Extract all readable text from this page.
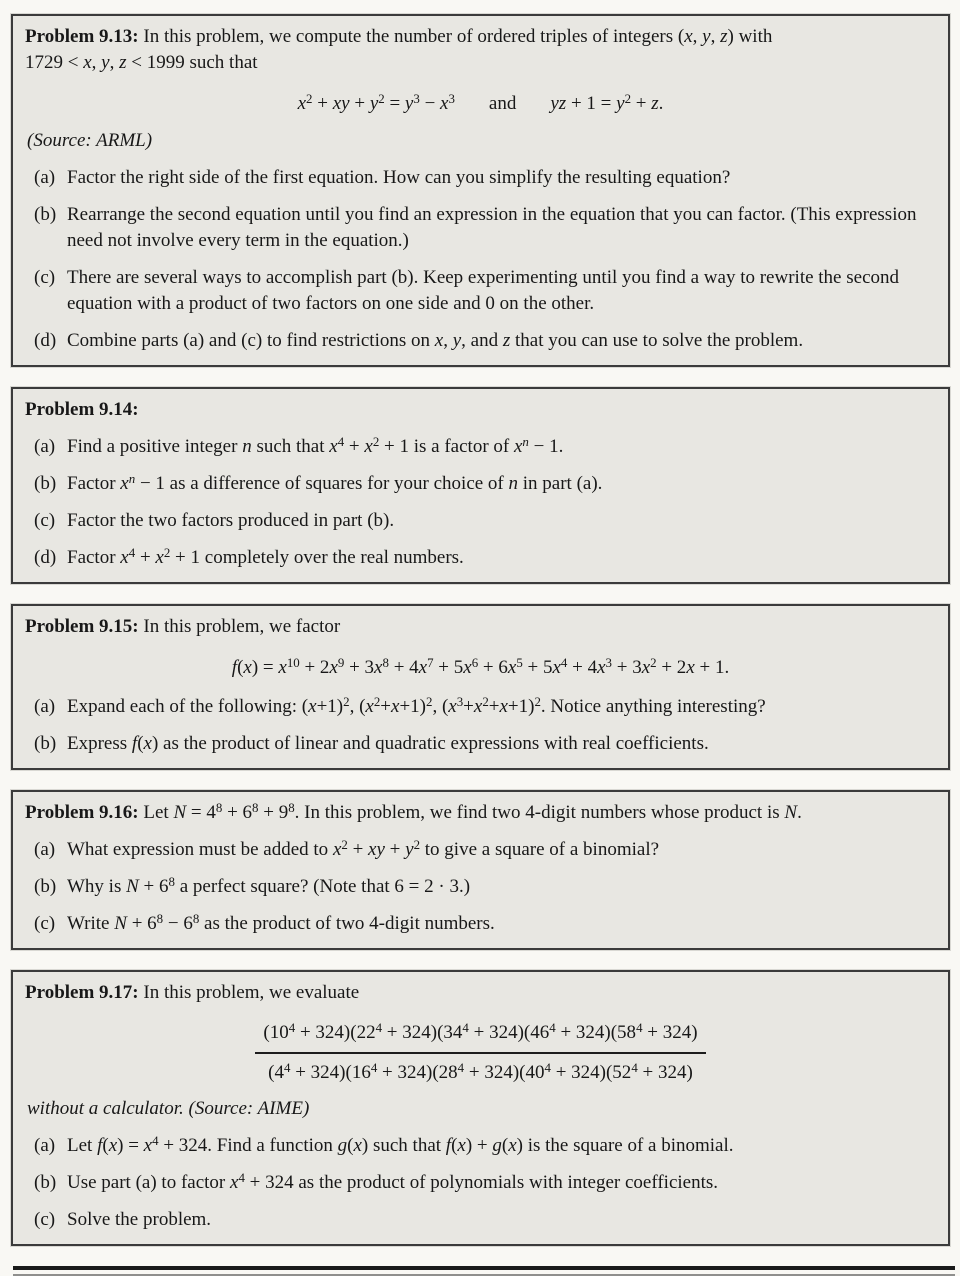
Problem 9.13: In this problem, we compute the number of ordered triples of integers (x, y, z) with
1729 < x, y, z < 1999 such that
$x^2$ + xy + $y^2 = y^3 - x^3$ and yz + $1 = y^2 + z$.
(Source: ARML)
(a) Factor the right side of the first equation. How can you simplify the resulting equation?
(b) Rearrange the second equation until you find an expression in the equation that you can factor. (This expression need not involve every term in the equation.)
(c) There are several ways to accomplish part (b). Keep experimenting until you find a way to rewrite the second equation with a product of two factors on one side and 0 on the other.
(d) Combine parts (a) and (c) to find restrictions on x, y, and z that you can use to solve the problem.
Problem 9.14:
(a) Find a positive integer n such that $x^4 + x^2 + 1$ is a factor of $x^n - 1$.
(b) Factor $x^n - 1$ as a difference of squares for your choice of n in part (a).
(c) Factor the two factors produced in part (b).
(d) Factor $x^4 + x^2 + 1$ completely over the real numbers.
Problem 9.15: In this problem, we factor
$f(x) = x^{10} + 2x^9 + 3x^8 + 4x^7 + 5x^6 + 6x^5 + 5x^4 + 4x^3 + 3x^2 + 2x + 1$.
(a) Expand each of the following: $(x+1)^2$, $(x^2+x+1)^2$, $(x^3+x^2+x+1)^2$. Notice anything interesting?
(b) Express f(x) as the product of linear and quadratic expressions with real coefficients.
Problem 9.16: Let $N = 4^8 + 6^8 + 9^8$. In this problem, we find two 4-digit numbers whose product is N.
(a) What expression must be added to $x^2$ + xy + $y^2$ to give a square of a binomial?
(b) Why is $N + 6^8$ a perfect square? (Note that 6 = 2 · 3.)
(c) Write $N + 6^8 - 6^8$ as the product of two 4-digit numbers.
Problem 9.17: In this problem, we evaluate
$\frac{(10^4 + 324)(22^4 + 324)(34^4 + 324)(46^4 + 324)(58^4 + 324)}{(4^4 + 324)(16^4 + 324)(28^4 + 324)(40^4 + 324)(52^4 + 324)}$
without a calculator. (Source: AIME)
(a) Let $f(x) = x^4 + 324$. Find a function g(x) such that f(x) + g(x) is the square of a binomial.
(b) Use part (a) to factor $x^4 + 324$ as the product of polynomials with integer coefficients.
(c) Solve the problem.
